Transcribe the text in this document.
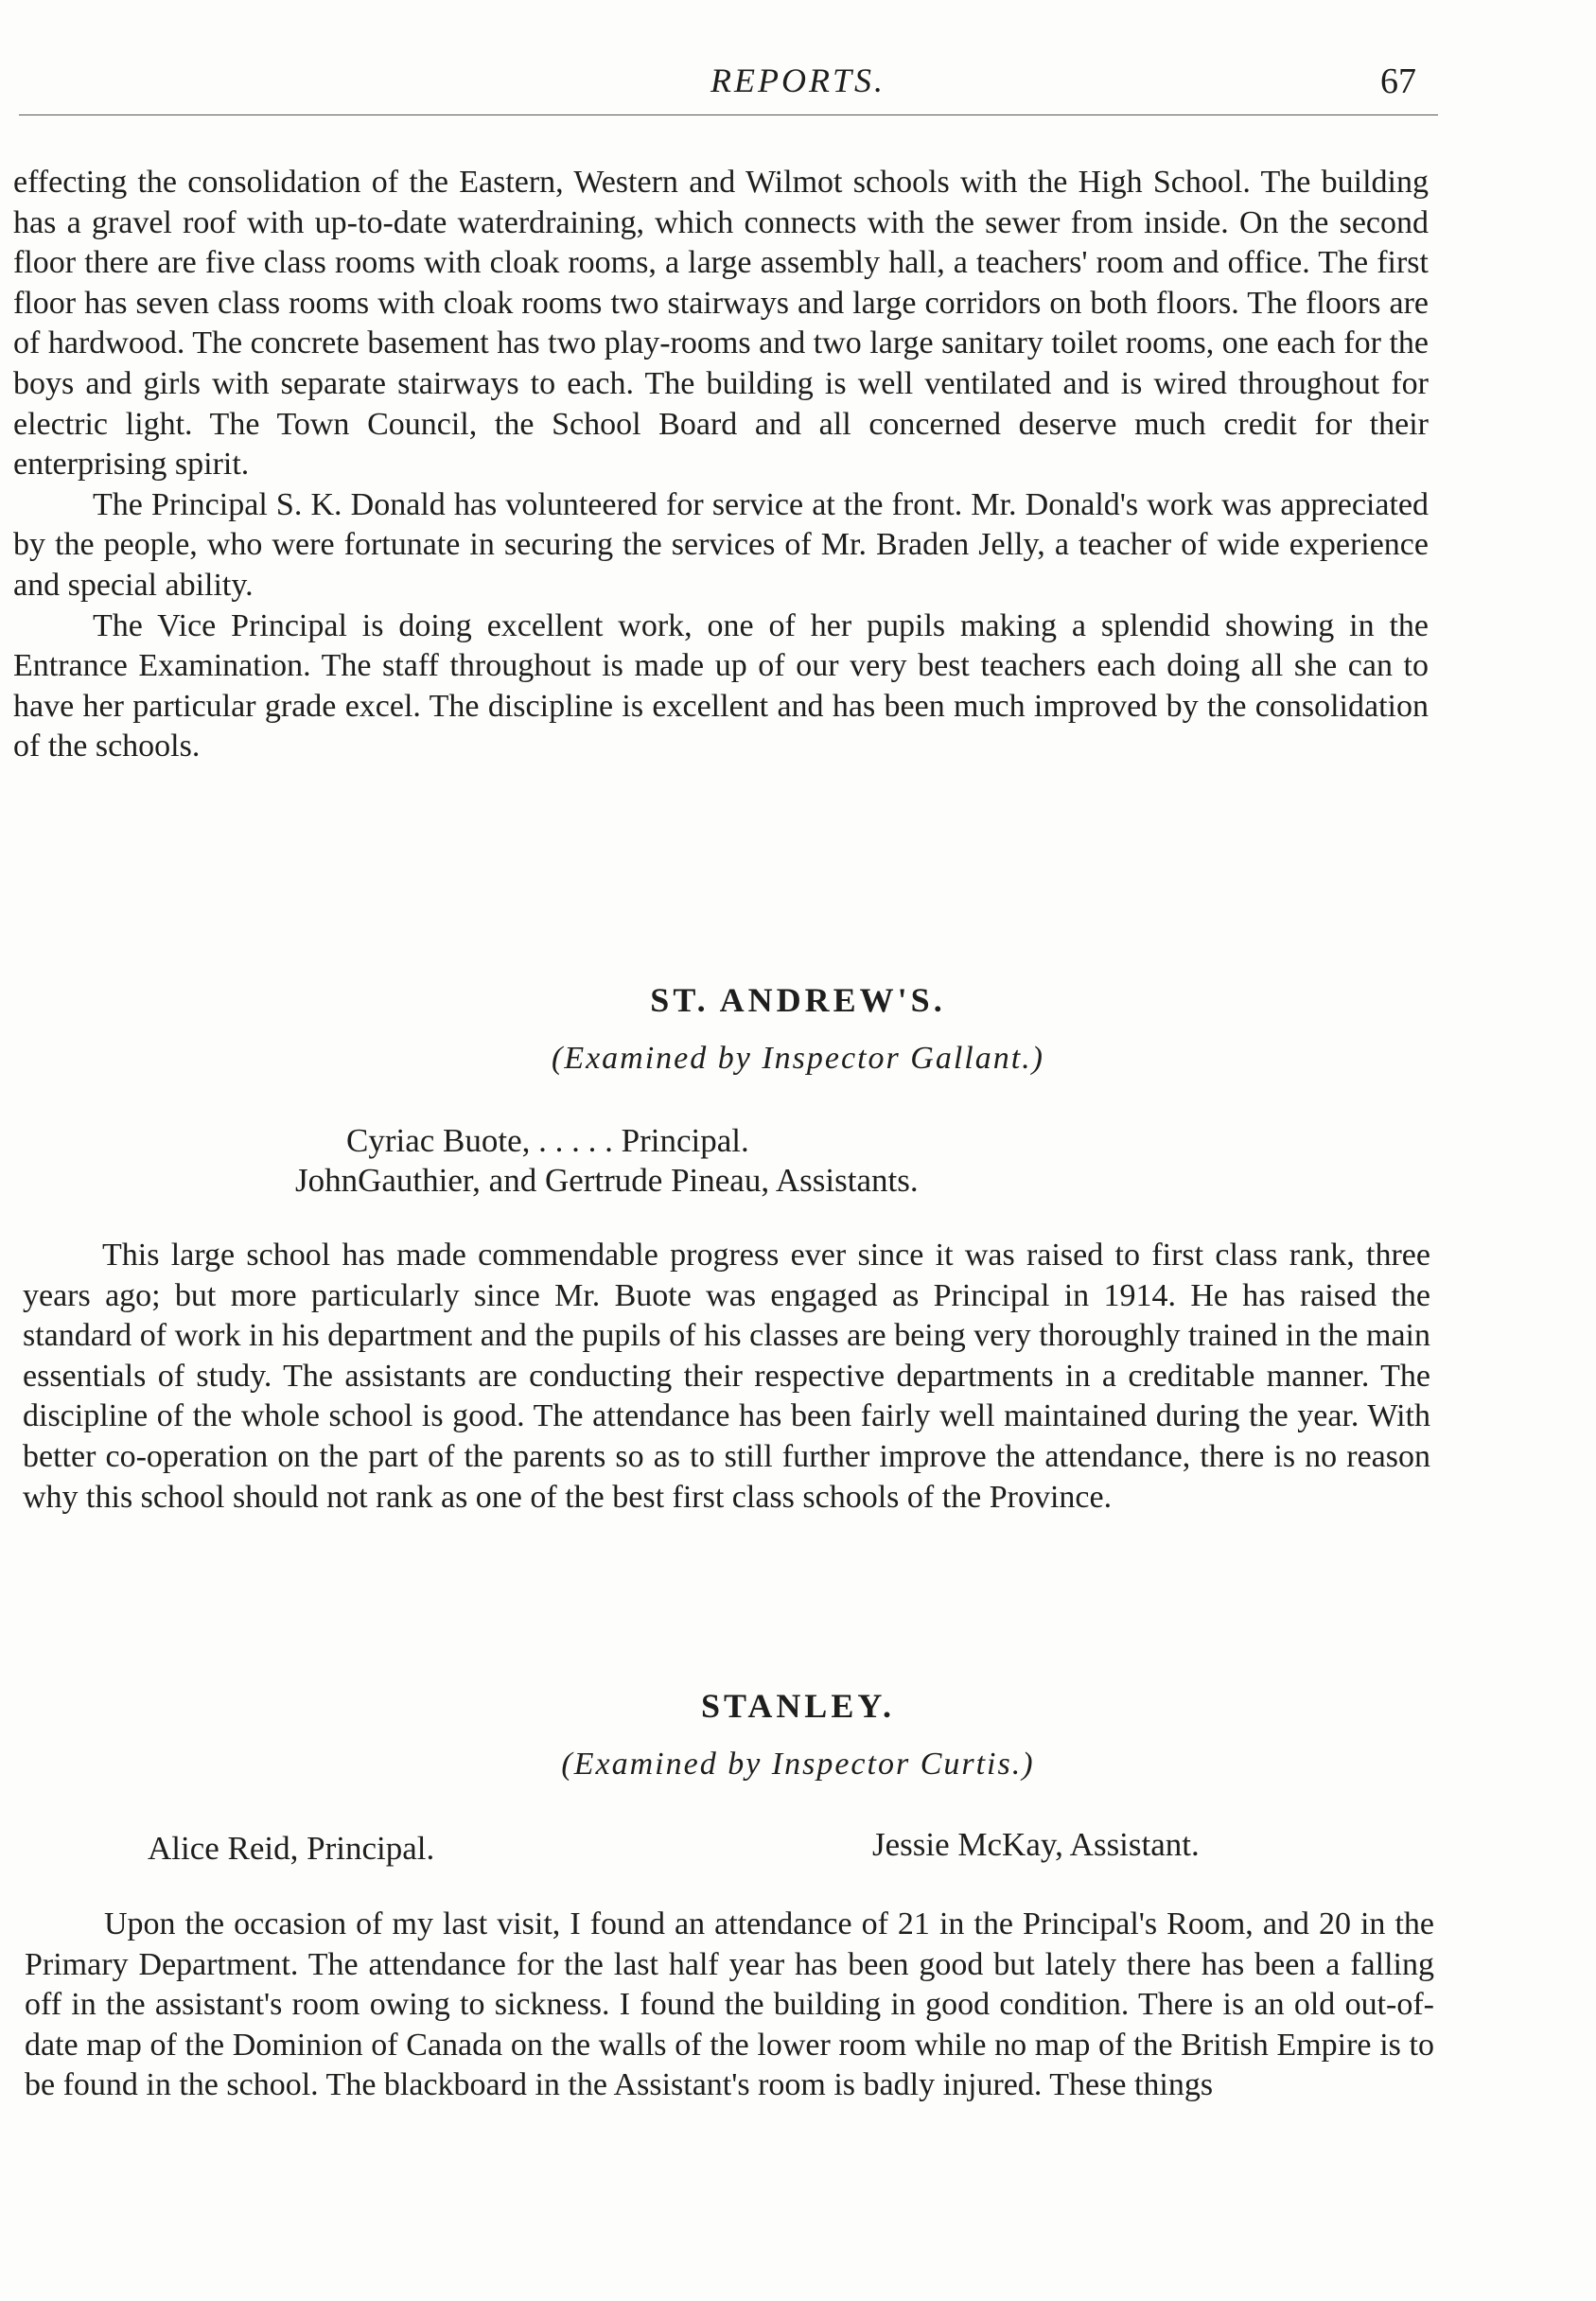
REPORTS.	67

effecting the consolidation of the Eastern, Western and Wilmot schools with the High School. The building has a gravel roof with up-to-date waterdraining, which connects with the sewer from inside. On the second floor there are five class rooms with cloak rooms, a large assembly hall, a teachers' room and office. The first floor has seven class rooms with cloak rooms two stairways and large corridors on both floors. The floors are of hardwood. The concrete basement has two play-rooms and two large sanitary toilet rooms, one each for the boys and girls with separate stairways to each. The building is well ventilated and is wired throughout for electric light. The Town Council, the School Board and all concerned deserve much credit for their enterprising spirit.

The Principal S. K. Donald has volunteered for service at the front. Mr. Donald's work was appreciated by the people, who were fortunate in securing the services of Mr. Braden Jelly, a teacher of wide experience and special ability.

The Vice Principal is doing excellent work, one of her pupils making a splendid showing in the Entrance Examination. The staff throughout is made up of our very best teachers each doing all she can to have her particular grade excel. The discipline is excellent and has been much improved by the consolidation of the schools.

ST. ANDREW'S.

(Examined by Inspector Gallant.)

Cyriac Buote, . . . . . Principal.

JohnGauthier, and Gertrude Pineau, Assistants.

This large school has made commendable progress ever since it was raised to first class rank, three years ago; but more particularly since Mr. Buote was engaged as Principal in 1914. He has raised the standard of work in his department and the pupils of his classes are being very thoroughly trained in the main essentials of study. The assistants are conducting their respective departments in a creditable manner. The discipline of the whole school is good. The attendance has been fairly well maintained during the year. With better co-operation on the part of the parents so as to still further improve the attendance, there is no reason why this school should not rank as one of the best first class schools of the Province.

STANLEY.

(Examined by Inspector Curtis.)

Alice Reid, Principal.	Jessie McKay, Assistant.

Upon the occasion of my last visit, I found an attendance of 21 in the Principal's Room, and 20 in the Primary Department. The attendance for the last half year has been good but lately there has been a falling off in the assistant's room owing to sickness. I found the building in good condition. There is an old out-of-date map of the Dominion of Canada on the walls of the lower room while no map of the British Empire is to be found in the school. The blackboard in the Assistant's room is badly injured. These things
